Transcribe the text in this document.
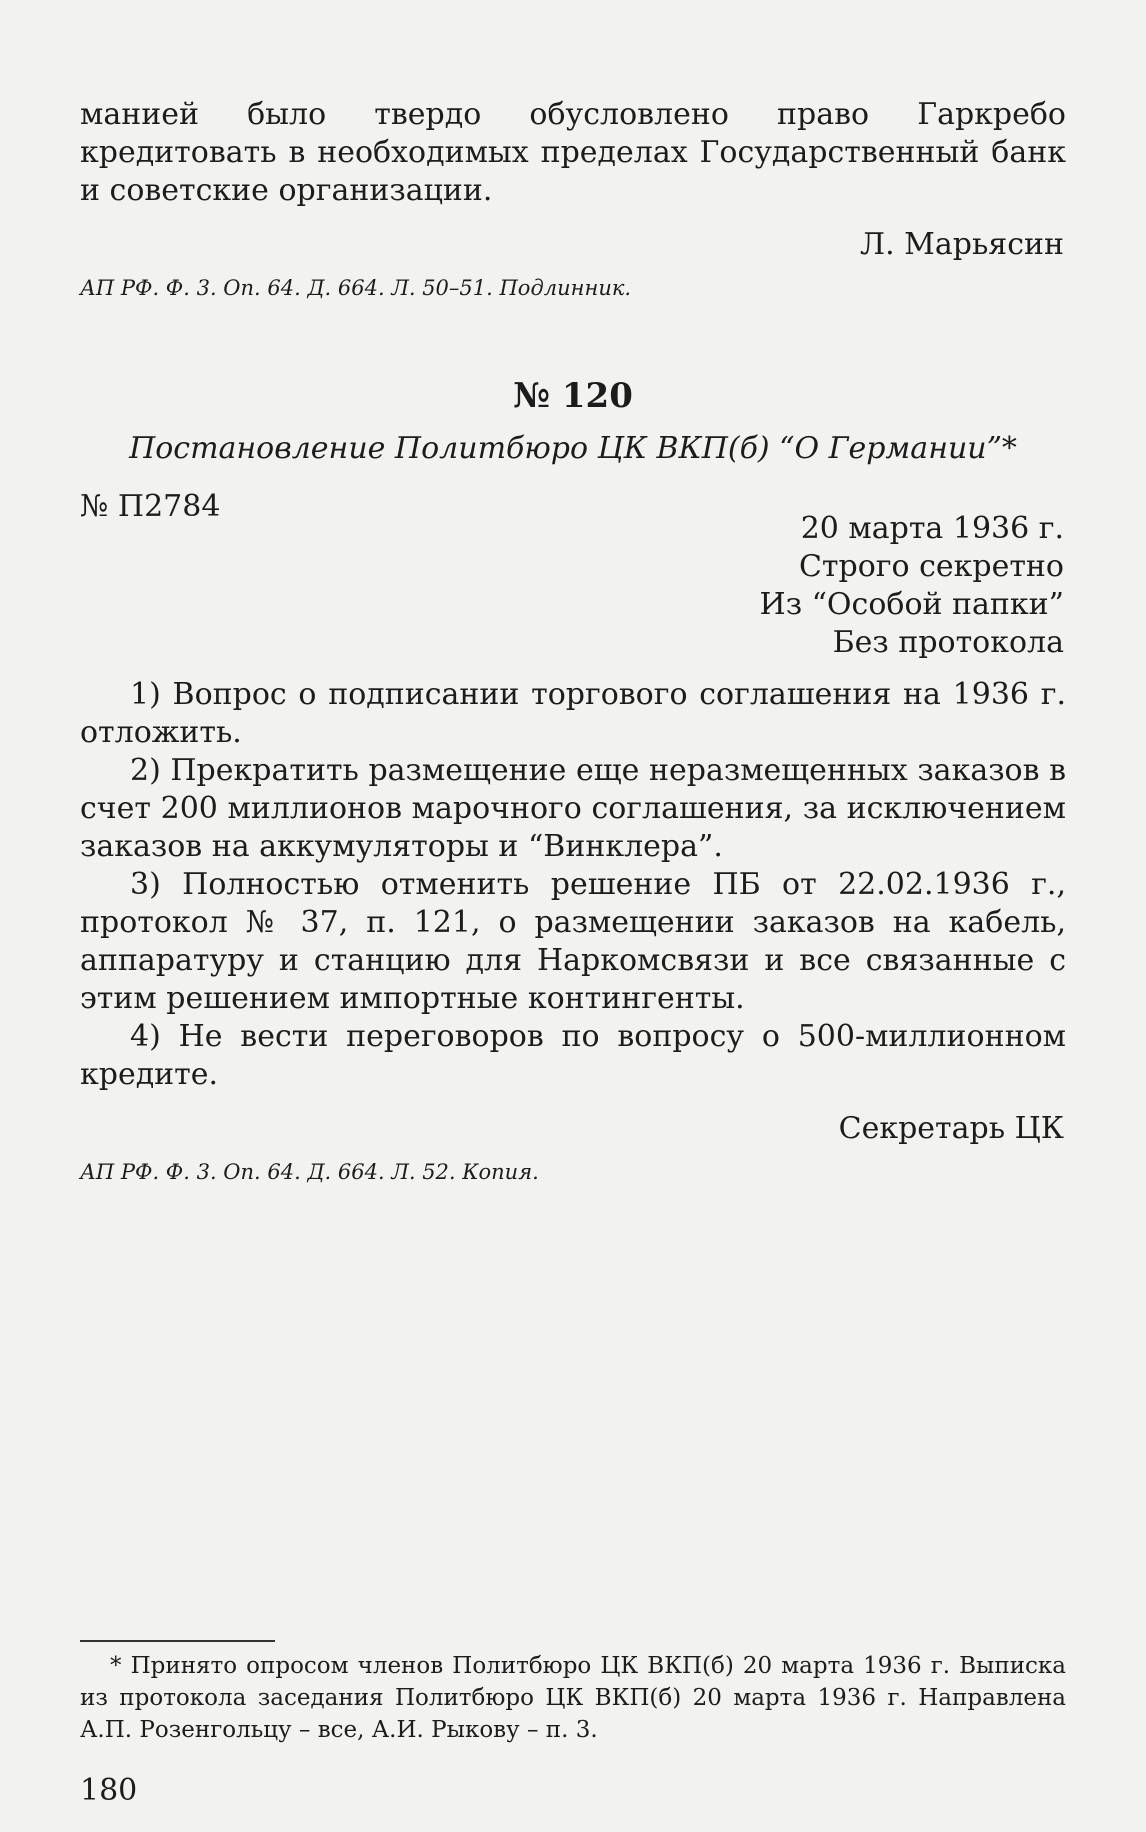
манией было твердо обусловлено право Гаркребо кредитовать в необходимых пределах Государственный банк и советские организации.
Л. Марьясин
АП РФ. Ф. 3. Оп. 64. Д. 664. Л. 50–51. Подлинник.
№ 120
Постановление Политбюро ЦК ВКП(б) “О Германии”*
№ П2784
20 марта 1936 г.
Строго секретно
Из “Особой папки”
Без протокола
1) Вопрос о подписании торгового соглашения на 1936 г. отложить.
2) Прекратить размещение еще неразмещенных заказов в счет 200 миллионов марочного соглашения, за исключением заказов на аккумуляторы и “Винклера”.
3) Полностью отменить решение ПБ от 22.02.1936 г., протокол № 37, п. 121, о размещении заказов на кабель, аппаратуру и станцию для Наркомсвязи и все связанные с этим решением импортные контингенты.
4) Не вести переговоров по вопросу о 500-миллионном кредите.
Секретарь ЦК
АП РФ. Ф. 3. Оп. 64. Д. 664. Л. 52. Копия.
* Принято опросом членов Политбюро ЦК ВКП(б) 20 марта 1936 г. Выписка из протокола заседания Политбюро ЦК ВКП(б) 20 марта 1936 г. Направлена А.П. Розенгольцу – все, А.И. Рыкову – п. 3.
180
